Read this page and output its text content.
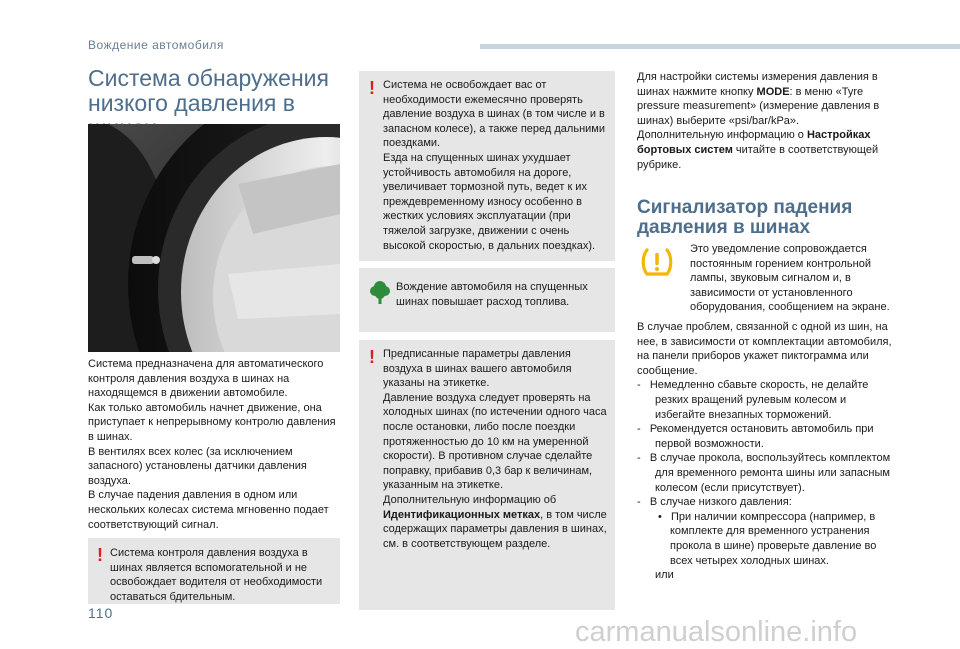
Вождение автомобиля
Система обнаружения низкого давления в
Система предназначена для автоматического контроля давления воздуха в шинах на находящемся в движении автомобиле.
Как только автомобиль начнет движение, она приступает к непрерывному контролю давления в шинах.
В вентилях всех колес (за исключением запасного) установлены датчики давления воздуха.
В случае падения давления в одном или нескольких колесах система мгновенно подает соответствующий сигнал.
! Система контроля давления воздуха в шинах является вспомогательной и не освобождает водителя от необходимости оставаться бдительным.
! Система не освобождает вас от необходимости ежемесячно проверять давление воздуха в шинах (в том числе и в запасном колесе), а также перед дальними поездками.
Езда на спущенных шинах ухудшает устойчивость автомобиля на дороге, увеличивает тормозной путь, ведет к их преждевременному износу особенно в жестких условиях эксплуатации (при тяжелой загрузке, движении с очень высокой скоростью, в дальних поездках).
Вождение автомобиля на спущенных шинах повышает расход топлива.
! Предписанные параметры давления воздуха в шинах вашего автомобиля указаны на этикетке.
Давление воздуха следует проверять на холодных шинах (по истечении одного часа после остановки, либо после поездки протяженностью до 10 км на умеренной скорости). В противном случае сделайте поправку, прибавив 0,3 бар к величинам, указанным на этикетке.
Дополнительную информацию об Идентификационных метках, в том числе содержащих параметры давления в шинах, см. в соответствующем разделе.
Для настройки системы измерения давления в шинах нажмите кнопку MODE: в меню «Tyre pressure measurement» (измерение давления в шинах) выберите «psi/bar/kPa».
Дополнительную информацию о Настройках бортовых систем читайте в соответствующей рубрике.
Сигнализатор падения давления в шинах
Это уведомление сопровождается постоянным горением контрольной лампы, звуковым сигналом и, в зависимости от установленного оборудования, сообщением на экране.
В случае проблем, связанной с одной из шин, на нее, в зависимости от комплектации автомобиля, на панели приборов укажет пиктограмма или сообщение.
-   Немедленно сбавьте скорость, не делайте резких вращений рулевым колесом и избегайте внезапных торможений.
-   Рекомендуется остановить автомобиль при первой возможности.
-   В случае прокола, воспользуйтесь комплектом для временного ремонта шины или запасным колесом (если присутствует).
-   В случае низкого давления:
•   При наличии компрессора (например, в комплекте для временного устранения прокола в шине) проверьте давление во всех четырех холодных шинах.
или
110
carmanualsonline.info
